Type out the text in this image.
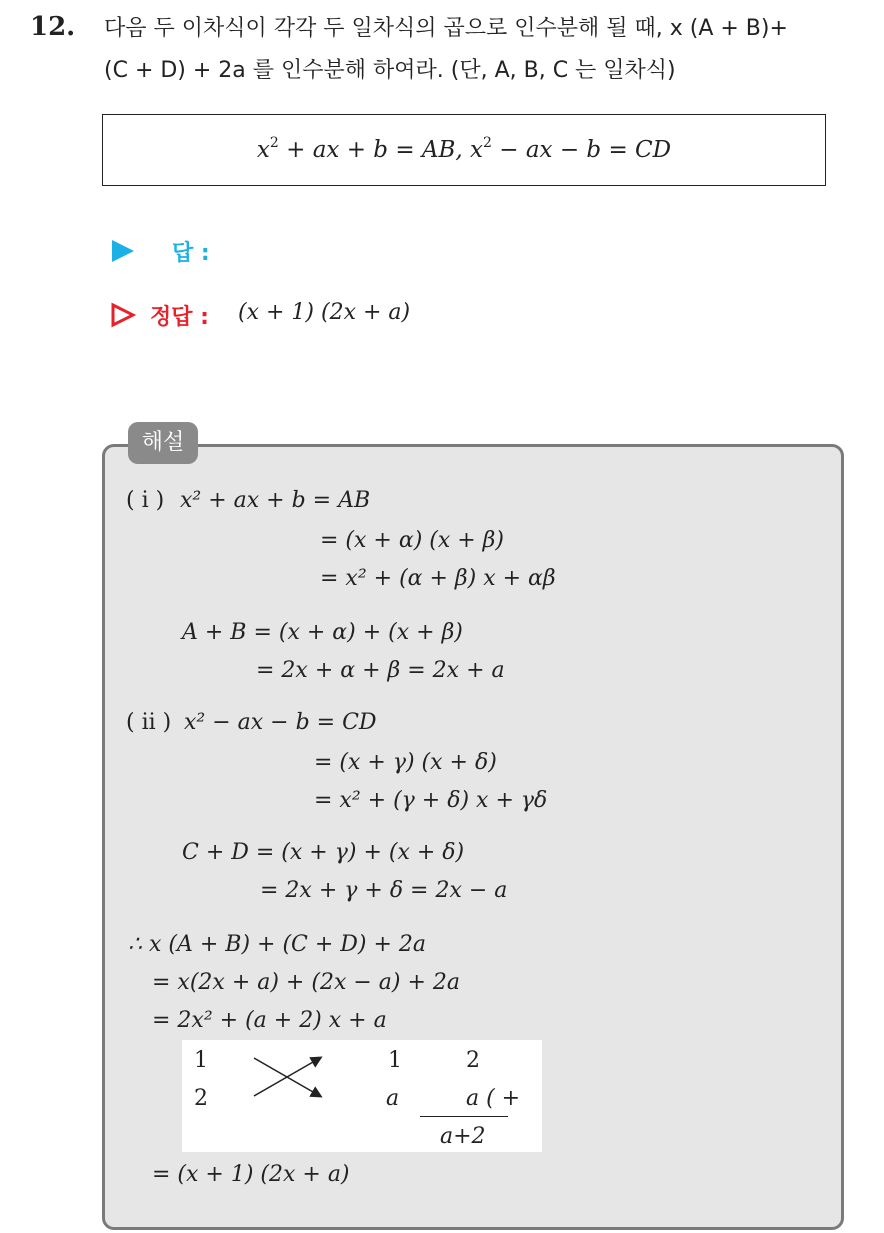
12. 다음 두 이차식이 각각 두 일차식의 곱으로 인수분해 될 때, x (A + B)+
(C + D) + 2a 를 인수분해 하여라. (단, A, B, C 는 일차식)
$x^2$ + ax + b = AB, $x^2$ − ax − b = CD
답 :
정답 : (x + 1) (2x + a)
해설
( i ) x² + ax + b = AB
= (x + α) (x + β)
= x² + (α + β) x + αβ
A + B = (x + α) + (x + β)
= 2x + α + β = 2x + a
( ii ) x² − ax − b = CD
= (x + γ) (x + δ)
= x² + (γ + δ) x + γδ
C + D = (x + γ) + (x + δ)
= 2x + γ + δ = 2x − a
∴ x (A + B) + (C + D) + 2a
= x(2x + a) + (2x − a) + 2a
= 2x² + (a + 2) x + a
1
2
1
a
2
a ( +
a+2
= (x + 1) (2x + a)
